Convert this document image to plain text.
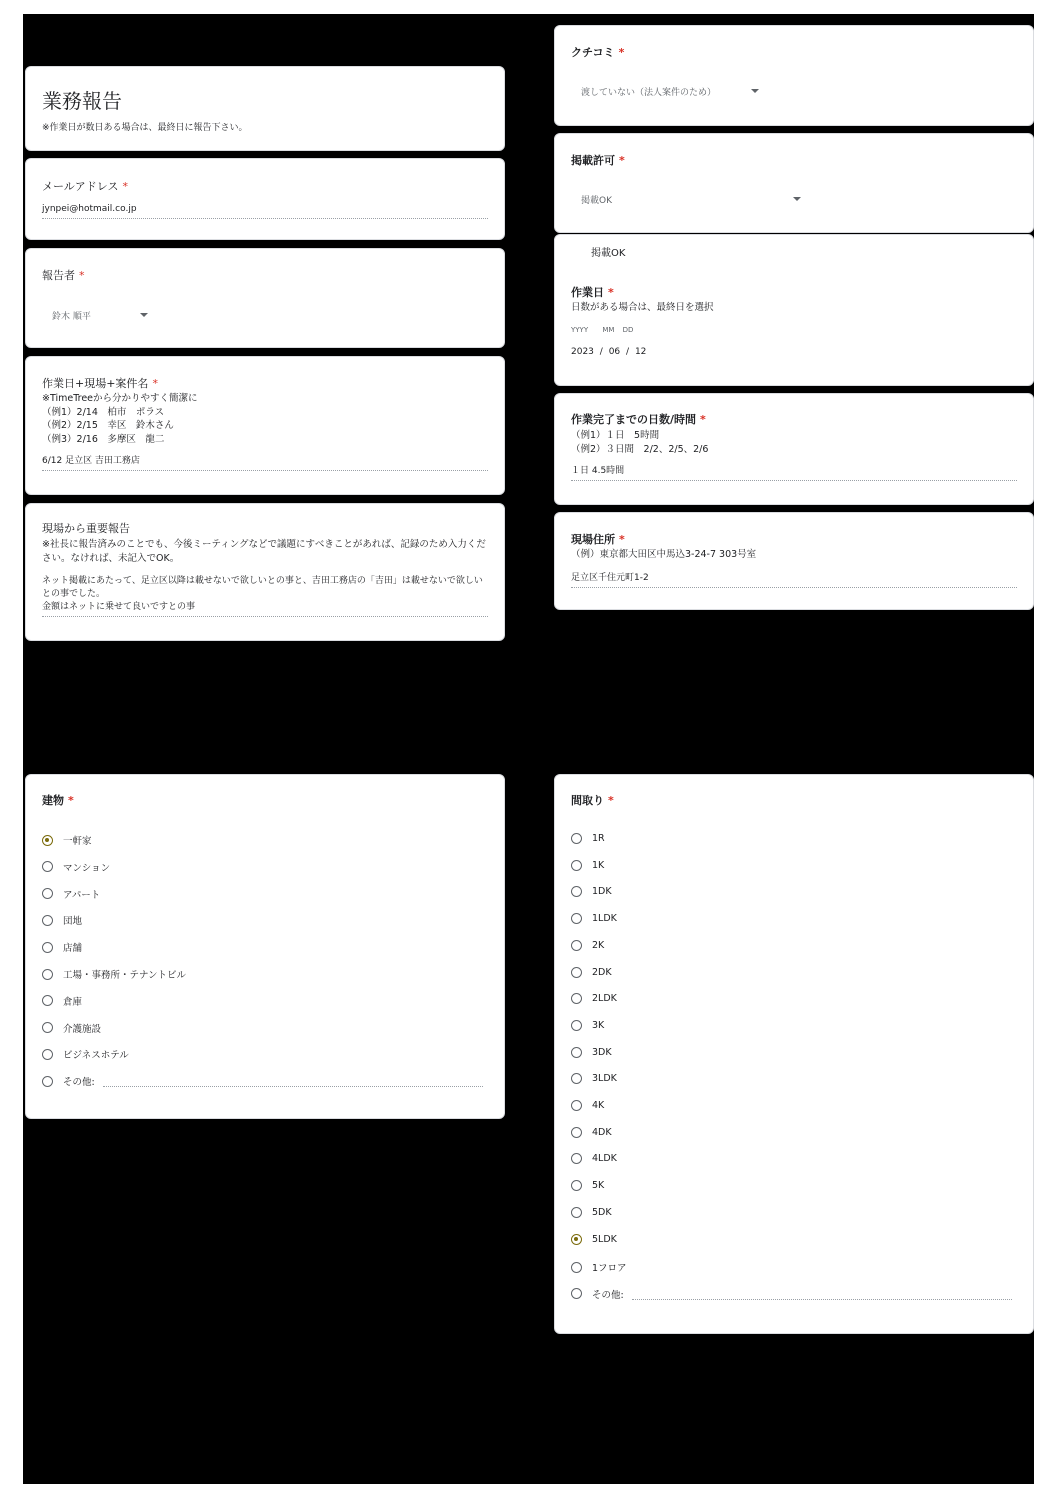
業務報告
※作業日が数日ある場合は、最終日に報告下さい。
メールアドレス *
jynpei@hotmail.co.jp
報告者 *
鈴木 順平
作業日+現場+案件名 *
※TimeTreeから分かりやすく簡潔に
（例1）2/14　柏市　ポラス
（例2）2/15　幸区　鈴木さん
（例3）2/16　多摩区　龍二
6/12 足立区 吉田工務店
現場から重要報告
※社長に報告済みのことでも、今後ミーティングなどで議題にすべきことがあれば、記録のため入力ください。なければ、未記入でOK。
ネット掲載にあたって、足立区以降は載せないで欲しいとの事と、吉田工務店の「吉田」は載せないで欲しいとの事でした。
金額はネットに乗せて良いですとの事
クチコミ *
渡していない（法人案件のため）
掲載許可 *
掲載OK
掲載OK
作業日 *
日数がある場合は、最終日を選択
YYYY MM DD
2023 / 06 / 12
作業完了までの日数/時間 *
（例1）１日　5時間
（例2）３日間　2/2、2/5、2/6
１日 4.5時間
現場住所 *
（例）東京都大田区中馬込3-24-7 303号室
足立区千住元町1-2
建物 *
一軒家
マンション
アパート
団地
店舗
工場・事務所・テナントビル
倉庫
介護施設
ビジネスホテル
その他:
間取り *
1R
1K
1DK
1LDK
2K
2DK
2LDK
3K
3DK
3LDK
4K
4DK
4LDK
5K
5DK
5LDK
1フロア
その他:
